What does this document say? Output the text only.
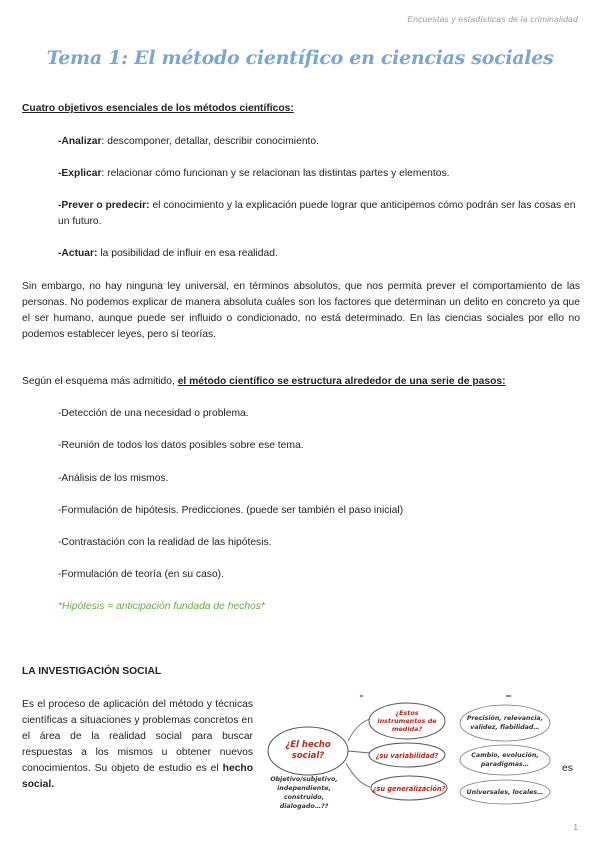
Encuestas y estadísticas de la criminalidad
Tema 1: El método científico en ciencias sociales
Cuatro objetivos esenciales de los métodos científicos:
-Analizar: descomponer, detallar, describir conocimiento.
-Explicar: relacionar cómo funcionan y se relacionan las distintas partes y elementos.
-Prever o predecir: el conocimiento y la explicación puede lograr que anticipemos cómo podrán ser las cosas en un futuro.
-Actuar: la posibilidad de influir en esa realidad.
Sin embargo, no hay ninguna ley universal, en términos absolutos, que nos permita prever el comportamiento de las personas. No podemos explicar de manera absoluta cuáles son los factores que determinan un delito en concreto ya que el ser humano, aunque puede ser influido o condicionado, no está determinado. En las ciencias sociales por ello no podemos establecer leyes, pero sí teorías.
Según el esquema más admitido, el método científico se estructura alrededor de una serie de pasos:
-Detección de una necesidad o problema.
-Reunión de todos los datos posibles sobre ese tema.
-Análisis de los mismos.
-Formulación de hipótesis. Predicciones. (puede ser también el paso inicial)
-Contrastación con la realidad de las hipótesis.
-Formulación de teoría (en su caso).
*Hipótesis = anticipación fundada de hechos*
LA INVESTIGACIÓN SOCIAL
Es el proceso de aplicación del método y técnicas científicas a situaciones y problemas concretos en el área de la realidad social para buscar respuestas a los mismos u obtener nuevos conocimientos. Su objeto de estudio es el hecho social.
es
¿El hecho
social?
Objetivo/subjetivo,
independiente,
construido,
dialogado…??
¿Estos
instrumentos de
medida?
¿su variabilidad?
¿su generalización?
Precisión, relevancia,
validez, fiabilidad…
Cambio, evolución,
paradigmas…
Universales, locales…
1
